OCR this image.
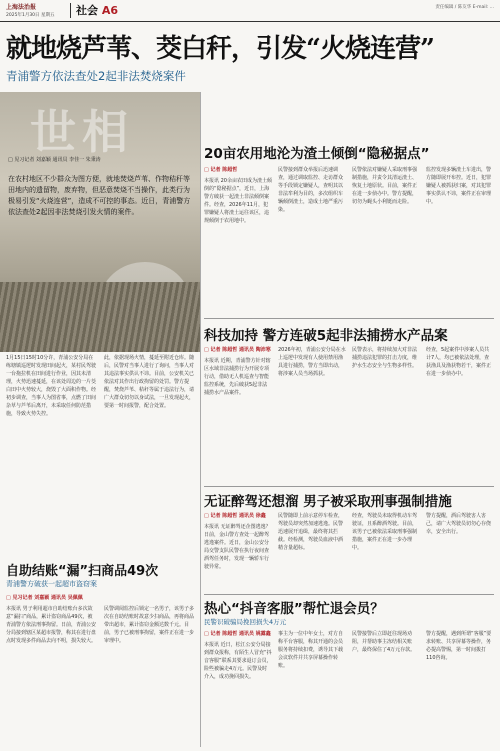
上海法治报
2025年1月30日 星期五 社会 A6	责任编辑 / 陈友华 E-mail: ...
就地烧芦苇、茭白秆，引发“火烧连营”
青浦警方依法查处2起非法焚烧案件
世相
□ 见习记者 刘嘉颖 通讯员 李佳一 朱秉涛
在农村地区不少群众为图方便，就地焚烧芦苇、作物秸秆等田地内的遗留物，废弃物，但恶意焚烧不当操作，此类行为极易引发“火烧连营”，造成不可控的事态。近日，青浦警方依法查处2起因非法焚烧引发火情的案件。
1月15日15时10分许，青浦公安分局在练塘镇巡逻时发现田间起火，某村民驾驶一台拖拉机在田间进行作业，因其未清理，火势迅速蔓延，在该处周边的一片茭白田中火势较大，烧毁了大面积作物。经初步调查，当事人为图省事，点燃了田间杂草与芦苇后离开，未采取任何防范措施，导致火势失控。
此，依据现场火情，蔓延至附近仓库。随后，民警对当事人进行了询问，当事人对其违法事实供认不讳。目前，公安机关已依法对其作出行政拘留的处罚。警方提醒，焚烧芦苇、秸秆等属于违法行为，请广大群众切勿以身试法，一旦发现起火，要第一时间报警，配合处置。
自助结账“漏”扫商品49次
青浦警方破获一起超市盗窃案
□ 见习记者 刘嘉颖 通讯员 吴佩佩
本报讯 男子利用超市自助结账台多次故意“漏扫”商品，累计盗窃商品49次，被青浦警方依法刑事拘留。日前，青浦公安分局接到辖区某超市报警，称其在进行盘点时发现多件商品去向不明，损失较大。
民警调阅监控后锁定一名男子，该男子多次在自助结账时故意少扫商品，再将商品带出超市，累计盗窃金额达数千元。目前，男子已被刑事拘留，案件正在进一步审理中。
20亩农用地沦为渣土倾倒“隐秘据点”
□ 记者 陈超哲
本报讯 20余亩农田成为渣土倾倒的“隐秘据点”，近日，上海警方破获一起渣土非法倾倒案件。经查，2026年11月，犯罪嫌疑人将渣土运往该区，违规倾倒于农用地中。
民警接到群众举报后迅速调查，通过调取监控、走访群众等手段锁定嫌疑人，查明其以非法牟利为目的，多次组织车辆倾倒渣土，造成土地严重污染。
民警依法对嫌疑人采取刑事强制措施，并责令其清运渣土、恢复土地原状。目前，案件正在进一步侦办中。警方提醒，切勿为蝇头小利铤而走险。
监控发现多辆渣土车进出，警方随即展开布控。近日，犯罪嫌疑人被抓获归案，对其犯罪事实供认不讳，案件正在审理中。
科技加持 警方连破5起非法捕捞水产品案
□ 记者 陈超哲 通讯员 陶沛寒
本报讯 近期，青浦警方针对辖区水域非法捕捞行为开展专项行动，借助无人机巡查与智能监控系统，先后破获5起非法捕捞水产品案件。
2026年初，青浦公安分局在水上巡逻中发现有人使用禁用渔具进行捕捞，警方当即出动，将涉案人员当场抓获。
民警表示，将持续加大对非法捕捞违法犯罪的打击力度，维护水生态安全与生物多样性。
经查，5起案件中涉案人员共计7人，均已被依法处理，查获渔具及渔获物若干，案件正在进一步侦办中。
无证醉驾还想溜 男子被采取刑事强制措施
□ 记者 陈超哲 通讯员 徐鑫
本报讯 无证醉驾还企图逃逸？日前，金山警方查处一起醉驾逃逸案件。近日，金山公安分局交警支队民警在执行夜间查酒驾任务时，发现一辆轿车行驶异常。
民警随即上前示意停车检查，驾驶员却突然加速逃逸。民警迅速展开追缉，最终将其拦截。经检测，驾驶员血液中酒精含量超标。
经查，驾驶员未取得机动车驾驶证，且系醉酒驾驶。目前，该男子已被依法采取刑事强制措施，案件正在进一步办理中。
警方提醒，酒后驾驶害人害己，请广大驾驶员切勿心存侥幸，安全出行。
热心“抖音客服”帮忙退会员？
民警识破骗局挽回损失4万元
□ 记者 陈超哲 通讯员 姚露鑫
本报讯 近日，松江公安分局接到群众报称，有陌生人冒充“抖音客服”联系其要求退订会员，险些被骗走4万元。民警及时介入，成功挽回损失。
事主为一位中年女士，对方自称平台客服，称其开通的会员服务将持续扣费，诱导其下载会议软件并共享屏幕操作转账。
民警接警后立即赶往现场劝阻，并帮助事主冻结相关账户，最终保住了4万元存款。
警方提醒，遇到所谓“客服”要求转账、共享屏幕等操作，务必提高警惕，第一时间拨打110咨询。
